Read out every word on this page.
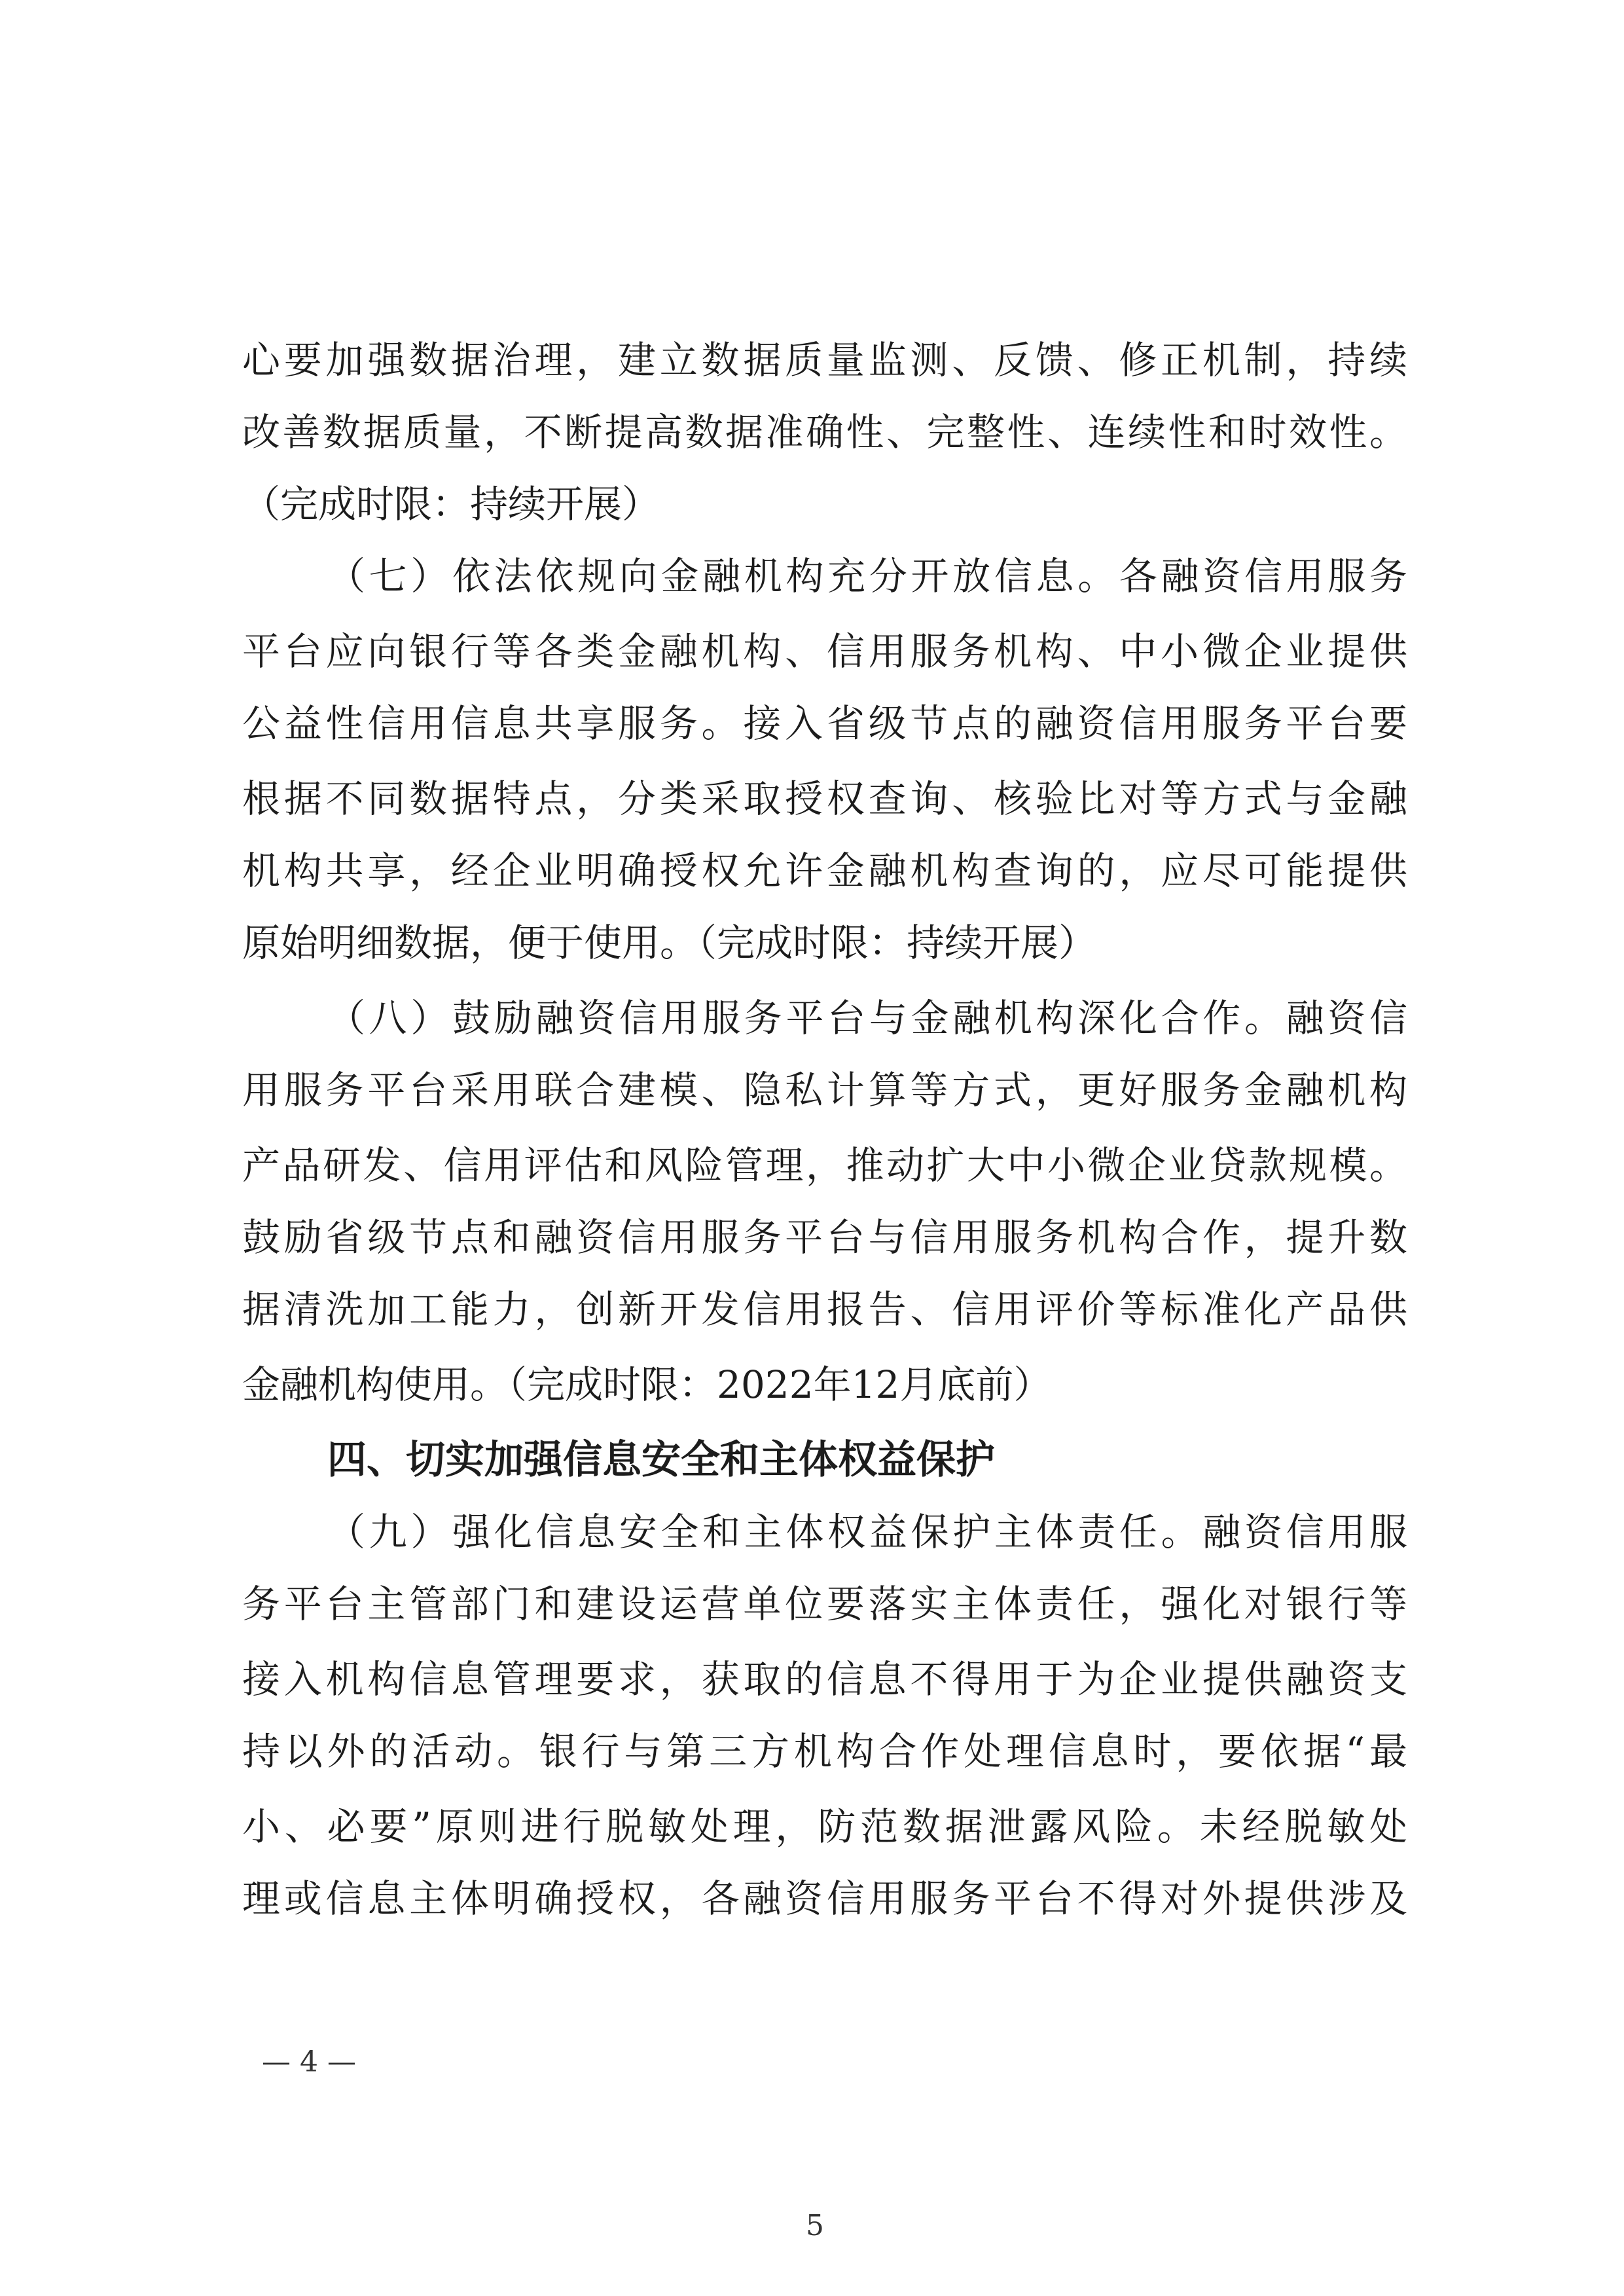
心要加强数据治理，建立数据质量监测、反馈、修正机制，持续

改善数据质量，不断提高数据准确性、完整性、连续性和时效性。

（完成时限：持续开展）

（七）依法依规向金融机构充分开放信息。各融资信用服务

平台应向银行等各类金融机构、信用服务机构、中小微企业提供

公益性信用信息共享服务。接入省级节点的融资信用服务平台要

根据不同数据特点，分类采取授权查询、核验比对等方式与金融

机构共享，经企业明确授权允许金融机构查询的，应尽可能提供

原始明细数据，便于使用。（完成时限：持续开展）

（八）鼓励融资信用服务平台与金融机构深化合作。融资信

用服务平台采用联合建模、隐私计算等方式，更好服务金融机构

产品研发、信用评估和风险管理，推动扩大中小微企业贷款规模。

鼓励省级节点和融资信用服务平台与信用服务机构合作，提升数

据清洗加工能力，创新开发信用报告、信用评价等标准化产品供

金融机构使用。（完成时限：2022年12月底前）

四、切实加强信息安全和主体权益保护

（九）强化信息安全和主体权益保护主体责任。融资信用服

务平台主管部门和建设运营单位要落实主体责任，强化对银行等

接入机构信息管理要求，获取的信息不得用于为企业提供融资支

持以外的活动。银行与第三方机构合作处理信息时，要依据“最

小、必要”原则进行脱敏处理，防范数据泄露风险。未经脱敏处

理或信息主体明确授权，各融资信用服务平台不得对外提供涉及

— 4 —
5
